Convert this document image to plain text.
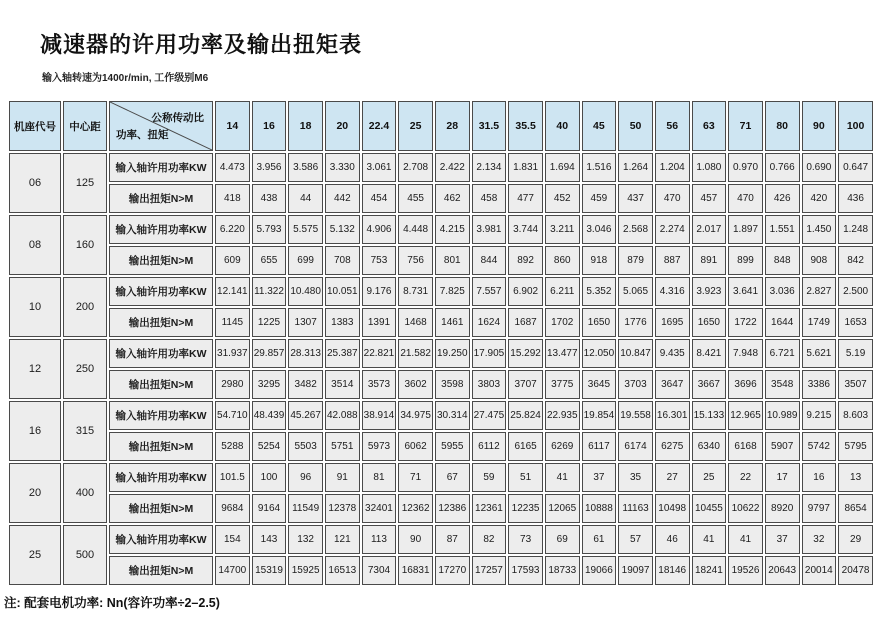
减速器的许用功率及输出扭矩表
输入轴转速为1400r/min, 工作级别M6
机座代号	中心距	公称传动比
功率、扭矩	14	16	18	20	22.4	25	28	31.5	35.5	40	45	50	56	63	71	80	90	100
06	125	输入轴许用功率KW	4.473	3.956	3.586	3.330	3.061	2.708	2.422	2.134	1.831	1.694	1.516	1.264	1.204	1.080	0.970	0.766	0.690	0.647
		输出扭矩N>M	418	438	44	442	454	455	462	458	477	452	459	437	470	457	470	426	420	436
08	160	输入轴许用功率KW	6.220	5.793	5.575	5.132	4.906	4.448	4.215	3.981	3.744	3.211	3.046	2.568	2.274	2.017	1.897	1.551	1.450	1.248
		输出扭矩N>M	609	655	699	708	753	756	801	844	892	860	918	879	887	891	899	848	908	842
10	200	输入轴许用功率KW	12.141	11.322	10.480	10.051	9.176	8.731	7.825	7.557	6.902	6.211	5.352	5.065	4.316	3.923	3.641	3.036	2.827	2.500
		输出扭矩N>M	1145	1225	1307	1383	1391	1468	1461	1624	1687	1702	1650	1776	1695	1650	1722	1644	1749	1653
12	250	输入轴许用功率KW	31.937	29.857	28.313	25.387	22.821	21.582	19.250	17.905	15.292	13.477	12.050	10.847	9.435	8.421	7.948	6.721	5.621	5.19
		输出扭矩N>M	2980	3295	3482	3514	3573	3602	3598	3803	3707	3775	3645	3703	3647	3667	3696	3548	3386	3507
16	315	输入轴许用功率KW	54.710	48.439	45.267	42.088	38.914	34.975	30.314	27.475	25.824	22.935	19.854	19.558	16.301	15.133	12.965	10.989	9.215	8.603
		输出扭矩N>M	5288	5254	5503	5751	5973	6062	5955	6112	6165	6269	6117	6174	6275	6340	6168	5907	5742	5795
20	400	输入轴许用功率KW	101.5	100	96	91	81	71	67	59	51	41	37	35	27	25	22	17	16	13
		输出扭矩N>M	9684	9164	11549	12378	32401	12362	12386	12361	12235	12065	10888	11163	10498	10455	10622	8920	9797	8654
25	500	输入轴许用功率KW	154	143	132	121	113	90	87	82	73	69	61	57	46	41	41	37	32	29
		输出扭矩N>M	14700	15319	15925	16513	7304	16831	17270	17257	17593	18733	19066	19097	18146	18241	19526	20643	20014	20478
注: 配套电机功率: Nn(容许功率÷2–2.5)
